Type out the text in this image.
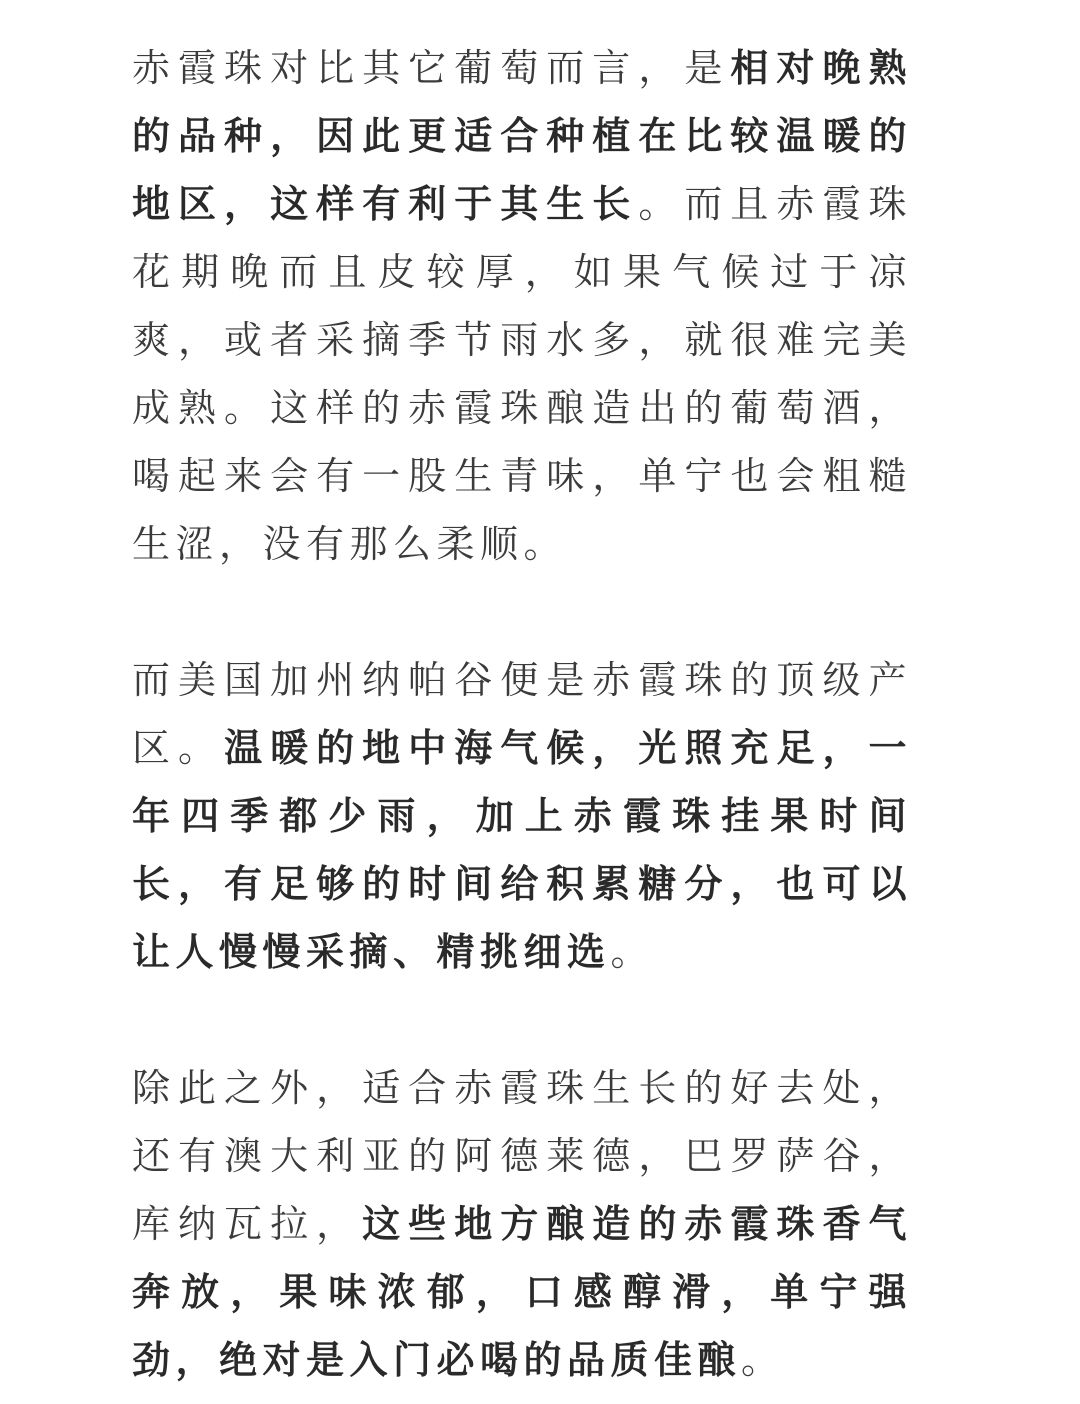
赤霞珠对比其它葡萄而言，是相对晚熟的品种，因此更适合种植在比较温暖的地区，这样有利于其生长。而且赤霞珠花期晚而且皮较厚，如果气候过于凉爽，或者采摘季节雨水多，就很难完美成熟。这样的赤霞珠酿造出的葡萄酒，喝起来会有一股生青味，单宁也会粗糙生涩，没有那么柔顺。

而美国加州纳帕谷便是赤霞珠的顶级产区。温暖的地中海气候，光照充足，一年四季都少雨，加上赤霞珠挂果时间长，有足够的时间给积累糖分，也可以让人慢慢采摘、精挑细选。

除此之外，适合赤霞珠生长的好去处，还有澳大利亚的阿德莱德，巴罗萨谷，库纳瓦拉，这些地方酿造的赤霞珠香气奔放，果味浓郁，口感醇滑，单宁强劲，绝对是入门必喝的品质佳酿。
